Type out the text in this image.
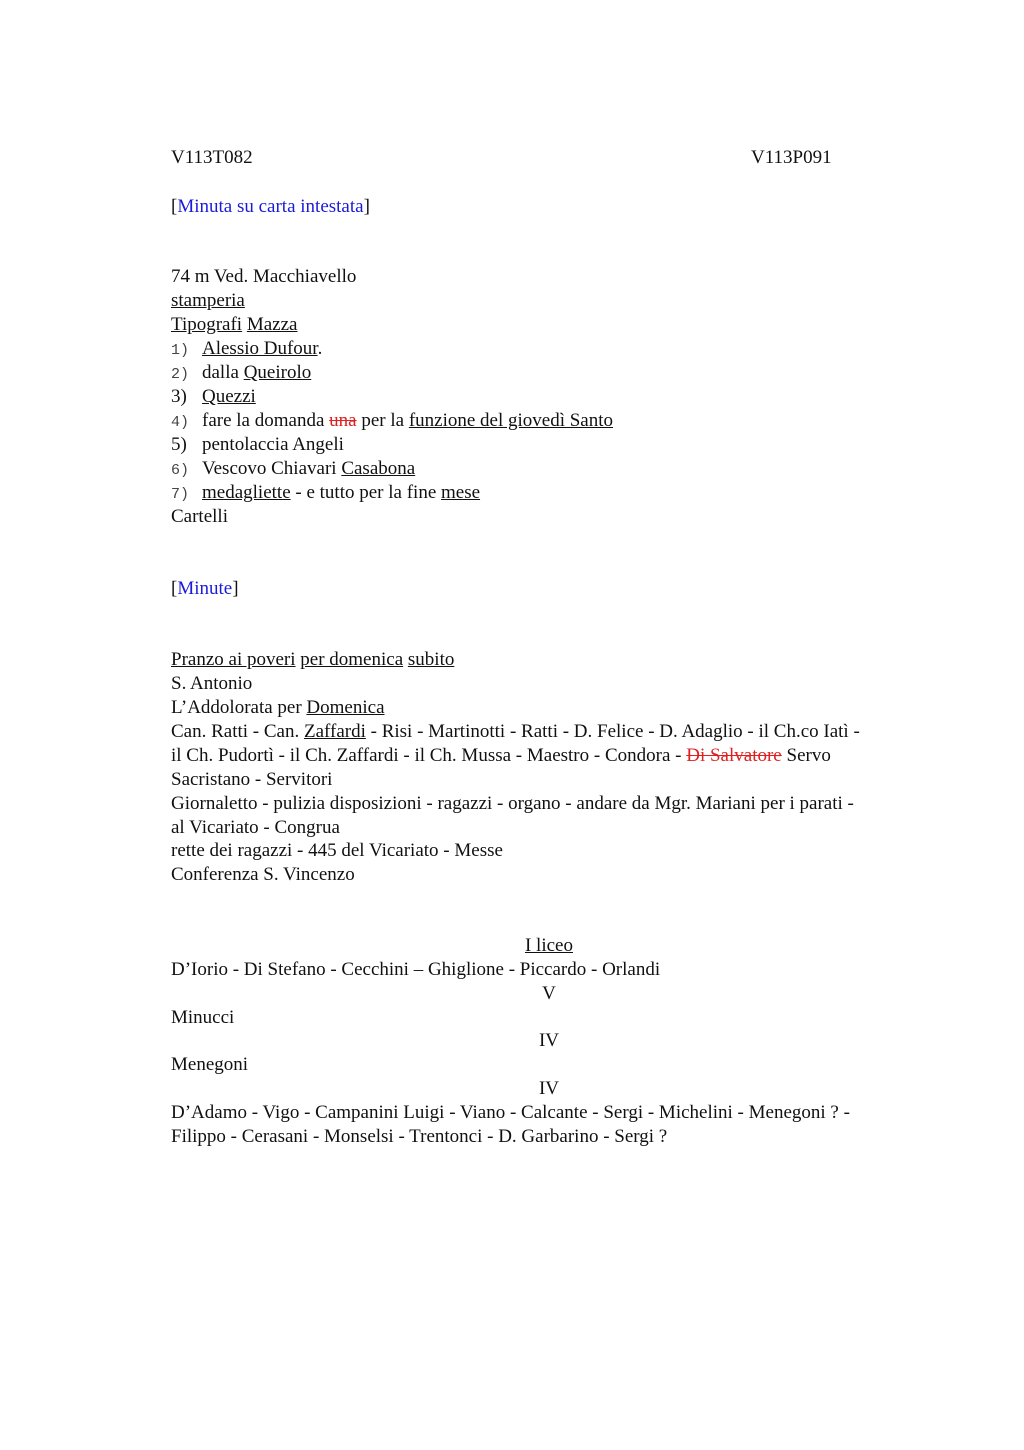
V113T082	V113P091
[Minuta su carta intestata]
74 m Ved. Macchiavello
stamperia
Tipografi Mazza
1) Alessio Dufour.
2) dalla Queirolo
3) Quezzi
4) fare la domanda una per la funzione del giovedì Santo
5) pentolaccia Angeli
6) Vescovo Chiavari Casabona
7) medagliette - e tutto per la fine mese
Cartelli
[Minute]
Pranzo ai poveri per domenica subito
S. Antonio
L’Addolorata per Domenica
Can. Ratti - Can. Zaffardi - Risi - Martinotti - Ratti - D. Felice - D. Adaglio - il Ch.co Iatì -
il Ch. Pudortì - il Ch. Zaffardi - il Ch. Mussa - Maestro - Condora - Di Salvatore Servo
Sacristano - Servitori
Giornaletto - pulizia disposizioni - ragazzi - organo - andare da Mgr. Mariani per i parati -
al Vicariato - Congrua
rette dei ragazzi - 445 del Vicariato - Messe
Conferenza S. Vincenzo
I liceo
D’Iorio - Di Stefano - Cecchini – Ghiglione - Piccardo - Orlandi
V
Minucci
IV
Menegoni
IV
D’Adamo - Vigo - Campanini Luigi - Viano - Calcante - Sergi - Michelini - Menegoni ? -
Filippo - Cerasani - Monselsi - Trentonci - D. Garbarino - Sergi ?
